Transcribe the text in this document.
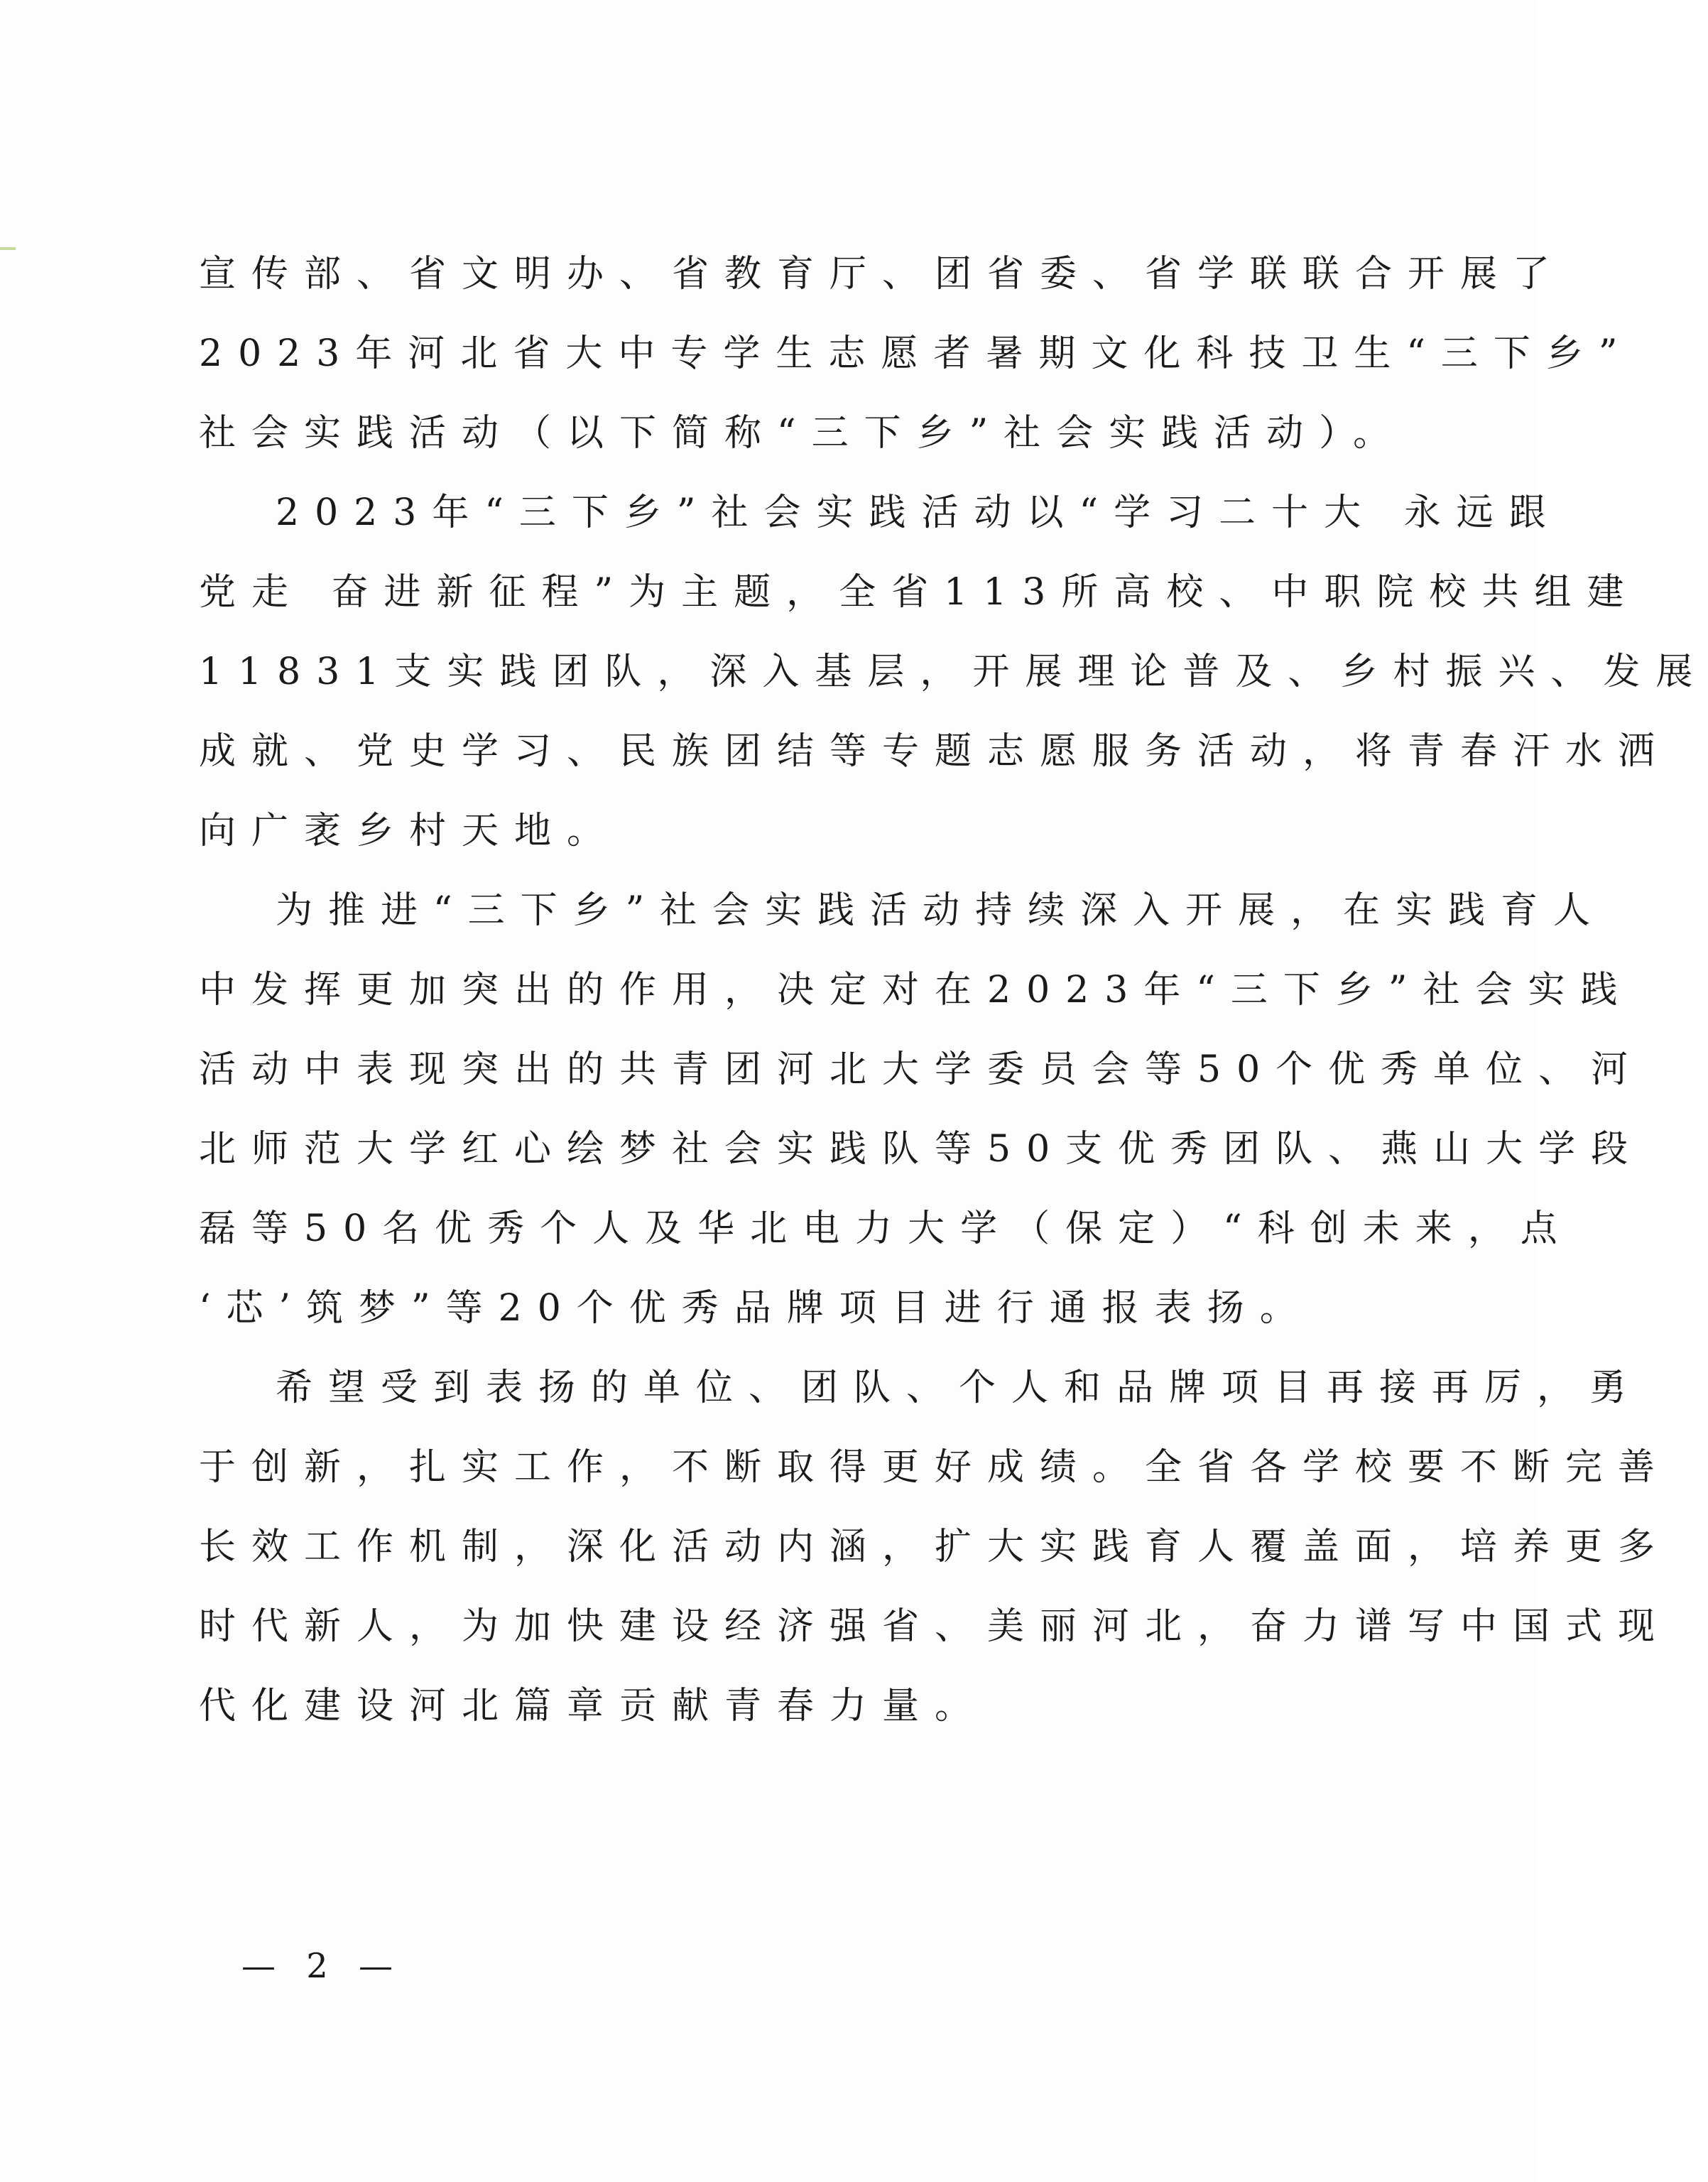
宣传部、省文明办、省教育厅、团省委、省学联联合开展了
2023年河北省大中专学生志愿者暑期文化科技卫生“三下乡”
社会实践活动（以下简称“三下乡”社会实践活动）。
2023年“三下乡”社会实践活动以“学习二十大 永远跟
党走 奋进新征程”为主题，全省113所高校、中职院校共组建
11831支实践团队，深入基层，开展理论普及、乡村振兴、发展
成就、党史学习、民族团结等专题志愿服务活动，将青春汗水洒
向广袤乡村天地。
为推进“三下乡”社会实践活动持续深入开展，在实践育人
中发挥更加突出的作用，决定对在2023年“三下乡”社会实践
活动中表现突出的共青团河北大学委员会等50个优秀单位、河
北师范大学红心绘梦社会实践队等50支优秀团队、燕山大学段
磊等50名优秀个人及华北电力大学（保定）“科创未来，点
‘芯’筑梦”等20个优秀品牌项目进行通报表扬。
希望受到表扬的单位、团队、个人和品牌项目再接再厉，勇
于创新，扎实工作，不断取得更好成绩。全省各学校要不断完善
长效工作机制，深化活动内涵，扩大实践育人覆盖面，培养更多
时代新人，为加快建设经济强省、美丽河北，奋力谱写中国式现
代化建设河北篇章贡献青春力量。
— 2 —
